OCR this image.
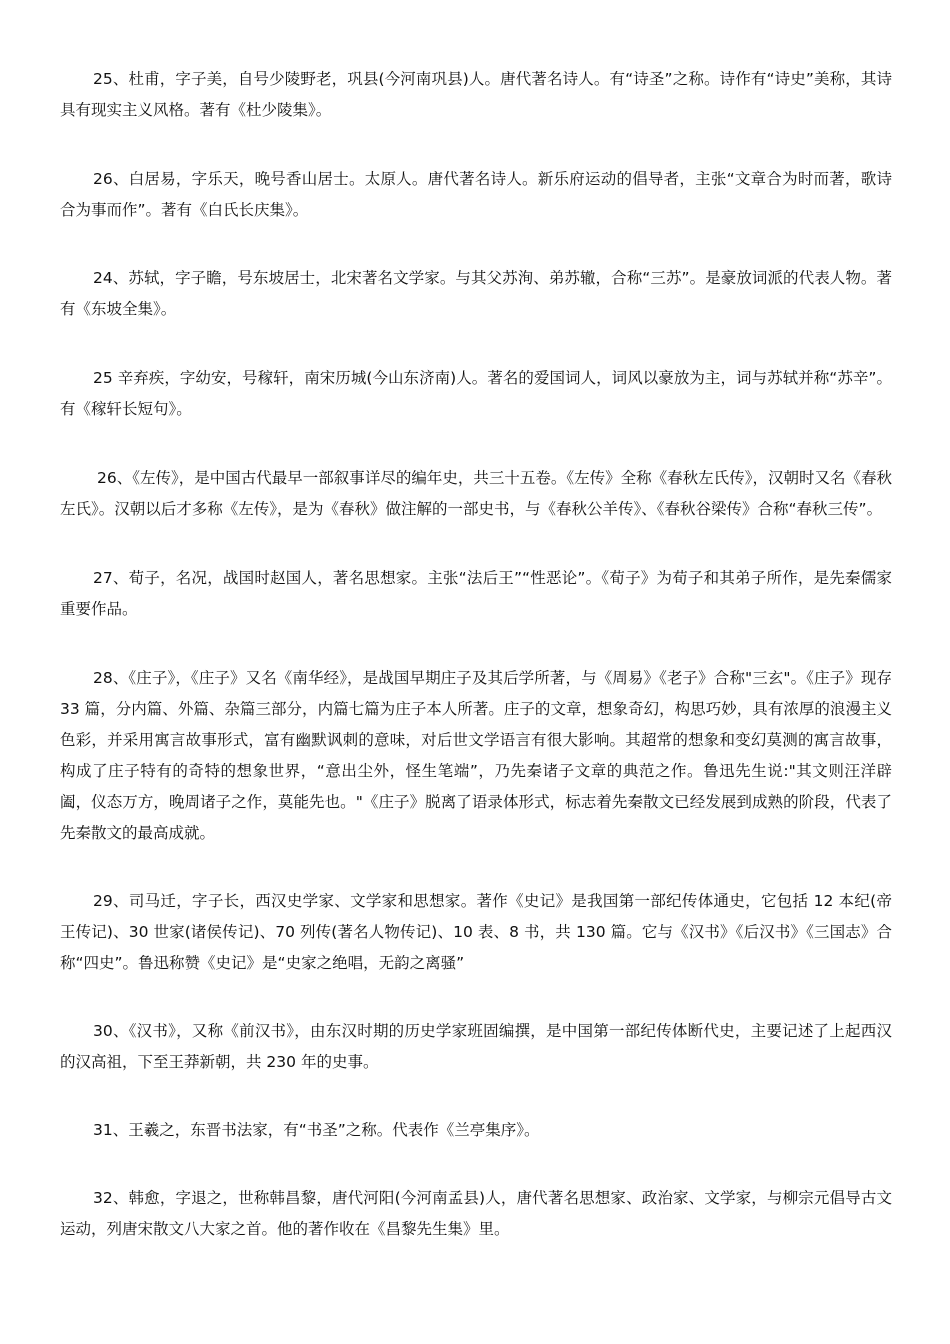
25、杜甫，字子美，自号少陵野老，巩县(今河南巩县)人。唐代著名诗人。有“诗圣”之称。诗作有“诗史”美称，其诗具有现实主义风格。著有《杜少陵集》。

26、白居易，字乐天，晚号香山居士。太原人。唐代著名诗人。新乐府运动的倡导者，主张“文章合为时而著，歌诗合为事而作”。著有《白氏长庆集》。

24、苏轼，字子瞻，号东坡居士，北宋著名文学家。与其父苏洵、弟苏辙，合称“三苏”。是豪放词派的代表人物。著有《东坡全集》。

25 辛弃疾，字幼安，号稼轩，南宋历城(今山东济南)人。著名的爱国词人，词风以豪放为主，词与苏轼并称“苏辛”。有《稼轩长短句》。

26、《左传》，是中国古代最早一部叙事详尽的编年史，共三十五卷。《左传》全称《春秋左氏传》，汉朝时又名《春秋左氏》。汉朝以后才多称《左传》，是为《春秋》做注解的一部史书，与《春秋公羊传》、《春秋谷梁传》合称“春秋三传”。

27、荀子，名况，战国时赵国人，著名思想家。主张“法后王”“性恶论”。《荀子》为荀子和其弟子所作，是先秦儒家重要作品。

28、《庄子》，《庄子》又名《南华经》，是战国早期庄子及其后学所著，与《周易》《老子》合称"三玄"。《庄子》现存 33 篇，分内篇、外篇、杂篇三部分，内篇七篇为庄子本人所著。庄子的文章，想象奇幻，构思巧妙，具有浓厚的浪漫主义色彩，并采用寓言故事形式，富有幽默讽刺的意味，对后世文学语言有很大影响。其超常的想象和变幻莫测的寓言故事，构成了庄子特有的奇特的想象世界，“意出尘外，怪生笔端”，乃先秦诸子文章的典范之作。鲁迅先生说:"其文则汪洋辟阖，仪态万方，晚周诸子之作，莫能先也。"《庄子》脱离了语录体形式，标志着先秦散文已经发展到成熟的阶段，代表了先秦散文的最高成就。

29、司马迁，字子长，西汉史学家、文学家和思想家。著作《史记》是我国第一部纪传体通史，它包括 12 本纪(帝王传记)、30 世家(诸侯传记)、70 列传(著名人物传记)、10 表、8 书，共 130 篇。它与《汉书》《后汉书》《三国志》合称“四史”。鲁迅称赞《史记》是“史家之绝唱，无韵之离骚”

30、《汉书》，又称《前汉书》，由东汉时期的历史学家班固编撰，是中国第一部纪传体断代史，主要记述了上起西汉的汉高祖，下至王莽新朝，共 230 年的史事。

31、王羲之，东晋书法家，有“书圣”之称。代表作《兰亭集序》。

32、韩愈，字退之，世称韩昌黎，唐代河阳(今河南孟县)人，唐代著名思想家、政治家、文学家，与柳宗元倡导古文运动，列唐宋散文八大家之首。他的著作收在《昌黎先生集》里。
